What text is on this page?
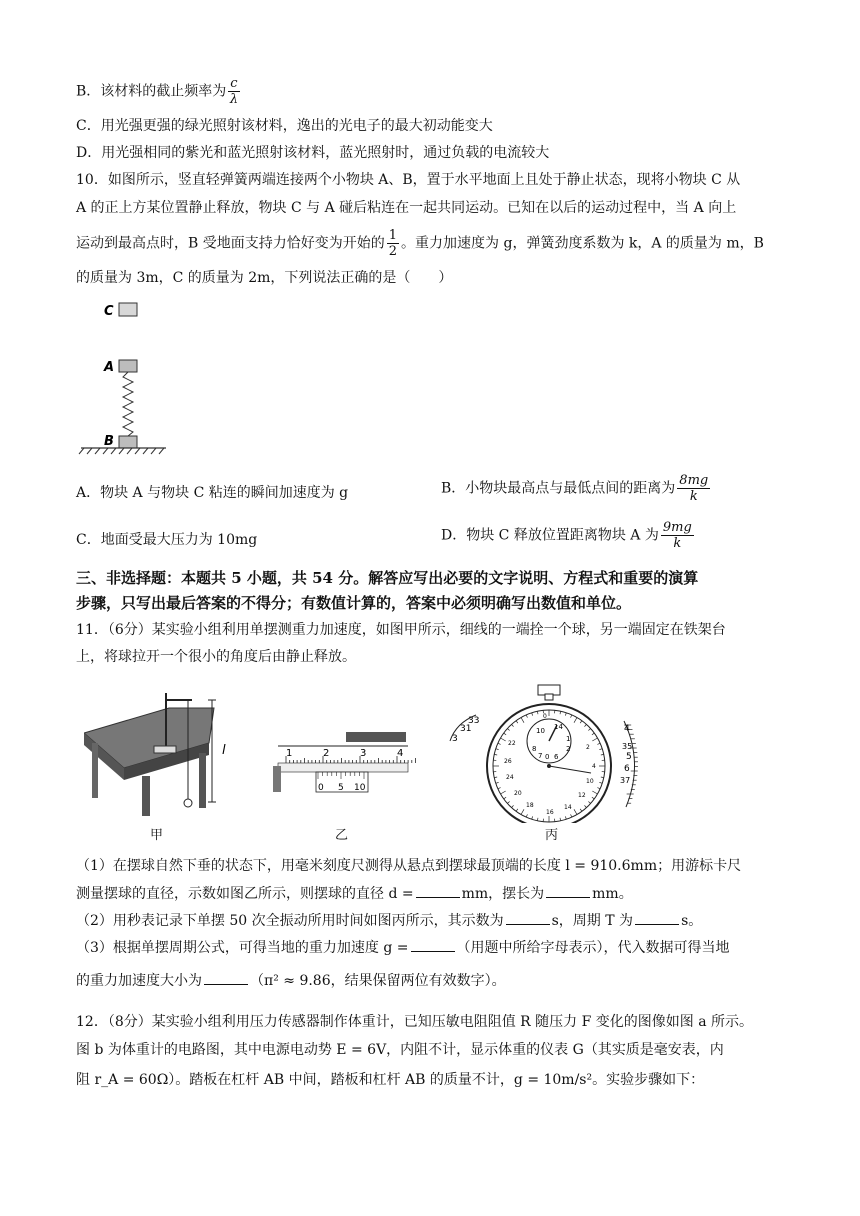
B．该材料的截止频率为 $\frac{c}{\lambda}$
C．用光强更强的绿光照射该材料，逸出的光电子的最大初动能变大
D．用光强相同的紫光和蓝光照射该材料，蓝光照射时，通过负载的电流较大
10．如图所示，竖直轻弹簧两端连接两个小物块 A、B，置于水平地面上且处于静止状态，现将小物块 C 从
A 的正上方某位置静止释放，物块 C 与 A 碰后粘连在一起共同运动。已知在以后的运动过程中，当 A 向上
运动到最高点时，B 受地面支持力恰好变为开始的 $\frac{1}{2}$ 。重力加速度为 g，弹簧劲度系数为 k，A 的质量为 m，B
的质量为 3m，C 的质量为 2m，下列说法正确的是（　　）
C
A
B
A．物块 A 与物块 C 粘连的瞬间加速度为 g	B．小物块最高点与最低点间的距离为 $\frac{8mg}{k}$
C．地面受最大压力为 10mg	D．物块 C 释放位置距离物块 A 为 $\frac{9mg}{k}$
三、非选择题：本题共 5 小题，共 54 分。解答应写出必要的文字说明、方程式和重要的演算
步骤，只写出最后答案的不得分；有数值计算的，答案中必须明确写出数值和单位。
11．（6分）某实验小组利用单摆测重力加速度，如图甲所示，细线的一端拴一个球，另一端固定在铁架台
上，将球拉开一个很小的角度后由静止释放。
l
甲
1	2	3	4
0 5 10
乙
10 14
0
1
2
8
7 6
0
2
26
4
24
20
18
16
14
12
10
22
3
31
33
4
35
5
6
37
丙
（1）在摆球自然下垂的状态下，用毫米刻度尺测得从悬点到摆球最顶端的长度 l = 910.6mm；用游标卡尺
测量摆球的直径，示数如图乙所示，则摆球的直径 d =	mm，摆长为	mm。
（2）用秒表记录下单摆 50 次全振动所用时间如图丙所示，其示数为	s，周期 T 为	s。
（3）根据单摆周期公式，可得当地的重力加速度 g =	（用题中所给字母表示），代入数据可得当地
的重力加速度大小为	（π² ≈ 9.86，结果保留两位有效数字）。
12．（8分）某实验小组利用压力传感器制作体重计，已知压敏电阻阻值 R 随压力 F 变化的图像如图 a 所示。
图 b 为体重计的电路图，其中电源电动势 E = 6V，内阻不计，显示体重的仪表 G（其实质是毫安表，内
阻 r_A = 60Ω）。踏板在杠杆 AB 中间，踏板和杠杆 AB 的质量不计，g = 10m/s²。实验步骤如下：
